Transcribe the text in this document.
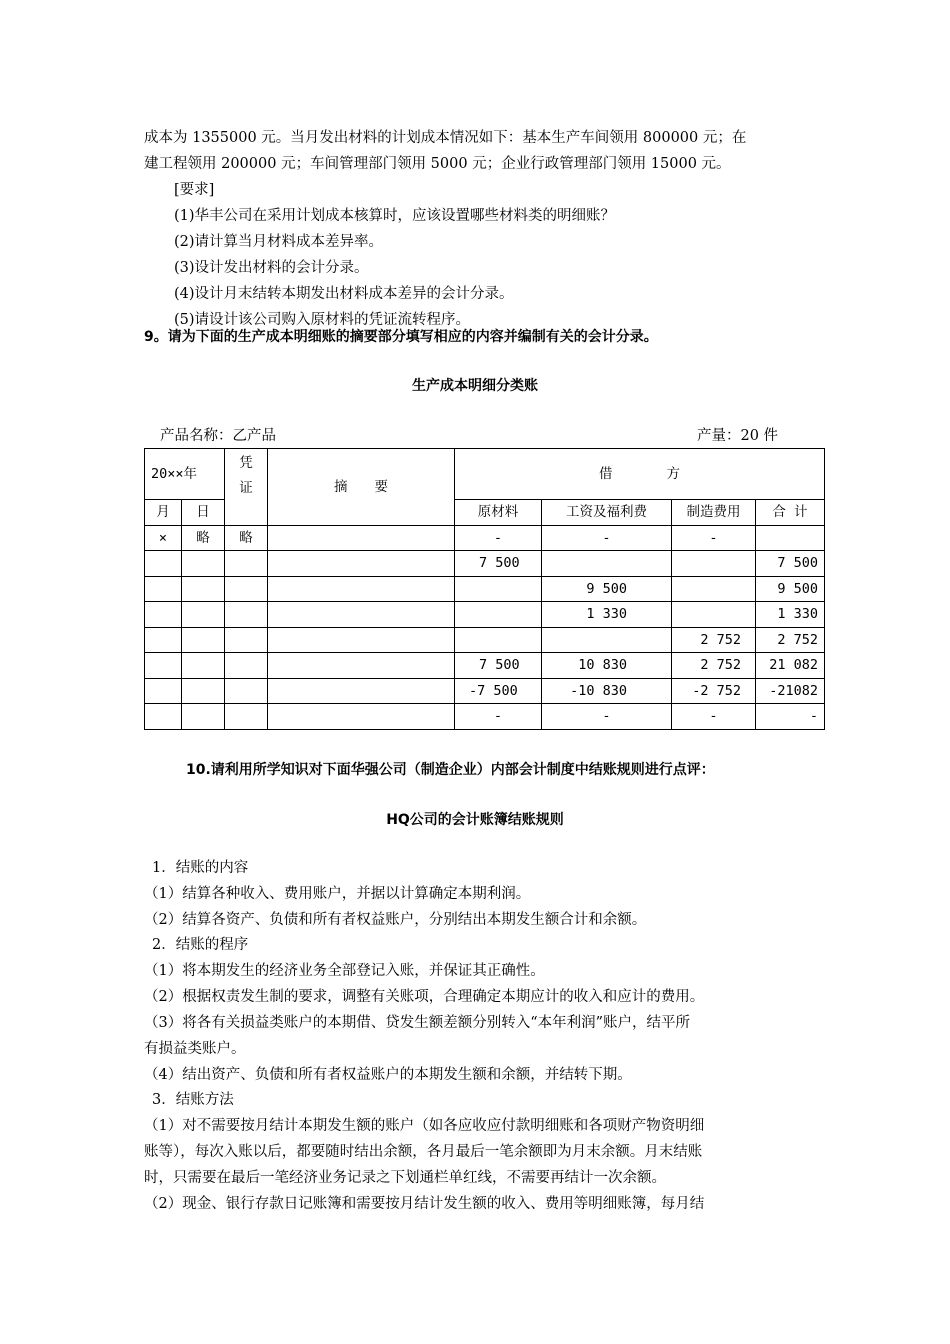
成本为 1355000 元。当月发出材料的计划成本情况如下：基本生产车间领用 800000 元；在
建工程领用 200000 元；车间管理部门领用 5000 元；企业行政管理部门领用 15000 元。
[要求]
(1)华丰公司在采用计划成本核算时，应该设置哪些材料类的明细账？
(2)请计算当月材料成本差异率。
(3)设计发出材料的会计分录。
(4)设计月末结转本期发出材料成本差异的会计分录。
(5)请设计该公司购入原材料的凭证流转程序。
9。请为下面的生产成本明细账的摘要部分填写相应的内容并编制有关的会计分录。
生产成本明细分类账
产品名称：乙产品	产量：20 件
20××年		凭证	摘　　要	借　　　　方			
月	日			原材料	工资及福利费	制造费用	合 计
×	略	略		-	-	-	
				7 500			7 500
					9 500		9 500
					1 330		1 330
						2 752	2 752
				7 500	10 830	2 752	21 082
				-7 500	-10 830	-2 752	-21082
				-	-	-	-
10.请利用所学知识对下面华强公司（制造企业）内部会计制度中结账规则进行点评：
HQ公司的会计账簿结账规则
1．结账的内容
（1）结算各种收入、费用账户，并据以计算确定本期利润。
（2）结算各资产、负债和所有者权益账户，分别结出本期发生额合计和余额。
2．结账的程序
（1）将本期发生的经济业务全部登记入账，并保证其正确性。
（2）根据权责发生制的要求，调整有关账项，合理确定本期应计的收入和应计的费用。
（3）将各有关损益类账户的本期借、贷发生额差额分别转入“本年利润”账户，结平所
有损益类账户。
（4）结出资产、负债和所有者权益账户的本期发生额和余额，并结转下期。
3．结账方法
（1）对不需要按月结计本期发生额的账户（如各应收应付款明细账和各项财产物资明细
账等），每次入账以后，都要随时结出余额，各月最后一笔余额即为月末余额。月末结账
时，只需要在最后一笔经济业务记录之下划通栏单红线，不需要再结计一次余额。
（2）现金、银行存款日记账簿和需要按月结计发生额的收入、费用等明细账簿，每月结
